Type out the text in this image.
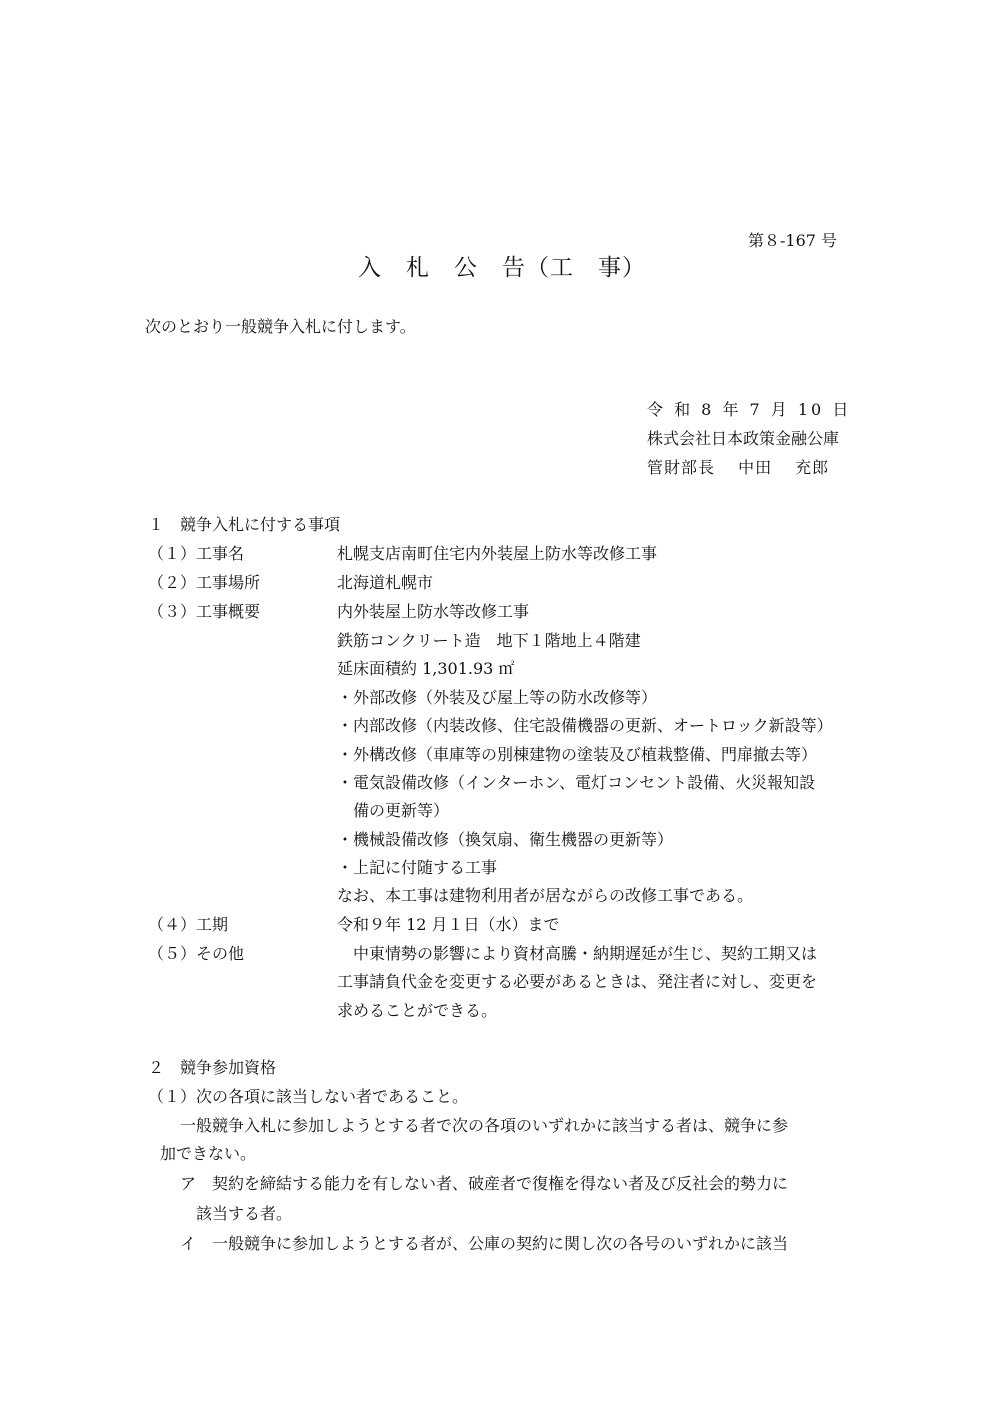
第８-167 号
入　札　公　告（工　事）
次のとおり一般競争入札に付します。
令 和 8 年 7 月 10 日
株式会社日本政策金融公庫
管財部長　 中田　 充郎
１　競争入札に付する事項
（１）工事名	札幌支店南町住宅内外装屋上防水等改修工事
（２）工事場所	北海道札幌市
（３）工事概要	内外装屋上防水等改修工事
鉄筋コンクリート造　地下１階地上４階建
延床面積約 1,301.93 ㎡
・外部改修（外装及び屋上等の防水改修等）
・内部改修（内装改修、住宅設備機器の更新、オートロック新設等）
・外構改修（車庫等の別棟建物の塗装及び植栽整備、門扉撤去等）
・電気設備改修（インターホン、電灯コンセント設備、火災報知設
　備の更新等）
・機械設備改修（換気扇、衛生機器の更新等）
・上記に付随する工事
なお、本工事は建物利用者が居ながらの改修工事である。
（４）工期	令和９年 12 月１日（水）まで
（５）その他	　中東情勢の影響により資材高騰・納期遅延が生じ、契約工期又は
工事請負代金を変更する必要があるときは、発注者に対し、変更を
求めることができる。
２　競争参加資格
（１）次の各項に該当しない者であること。
一般競争入札に参加しようとする者で次の各項のいずれかに該当する者は、競争に参
加できない。
ア　契約を締結する能力を有しない者、破産者で復権を得ない者及び反社会的勢力に
該当する者。
イ　一般競争に参加しようとする者が、公庫の契約に関し次の各号のいずれかに該当
